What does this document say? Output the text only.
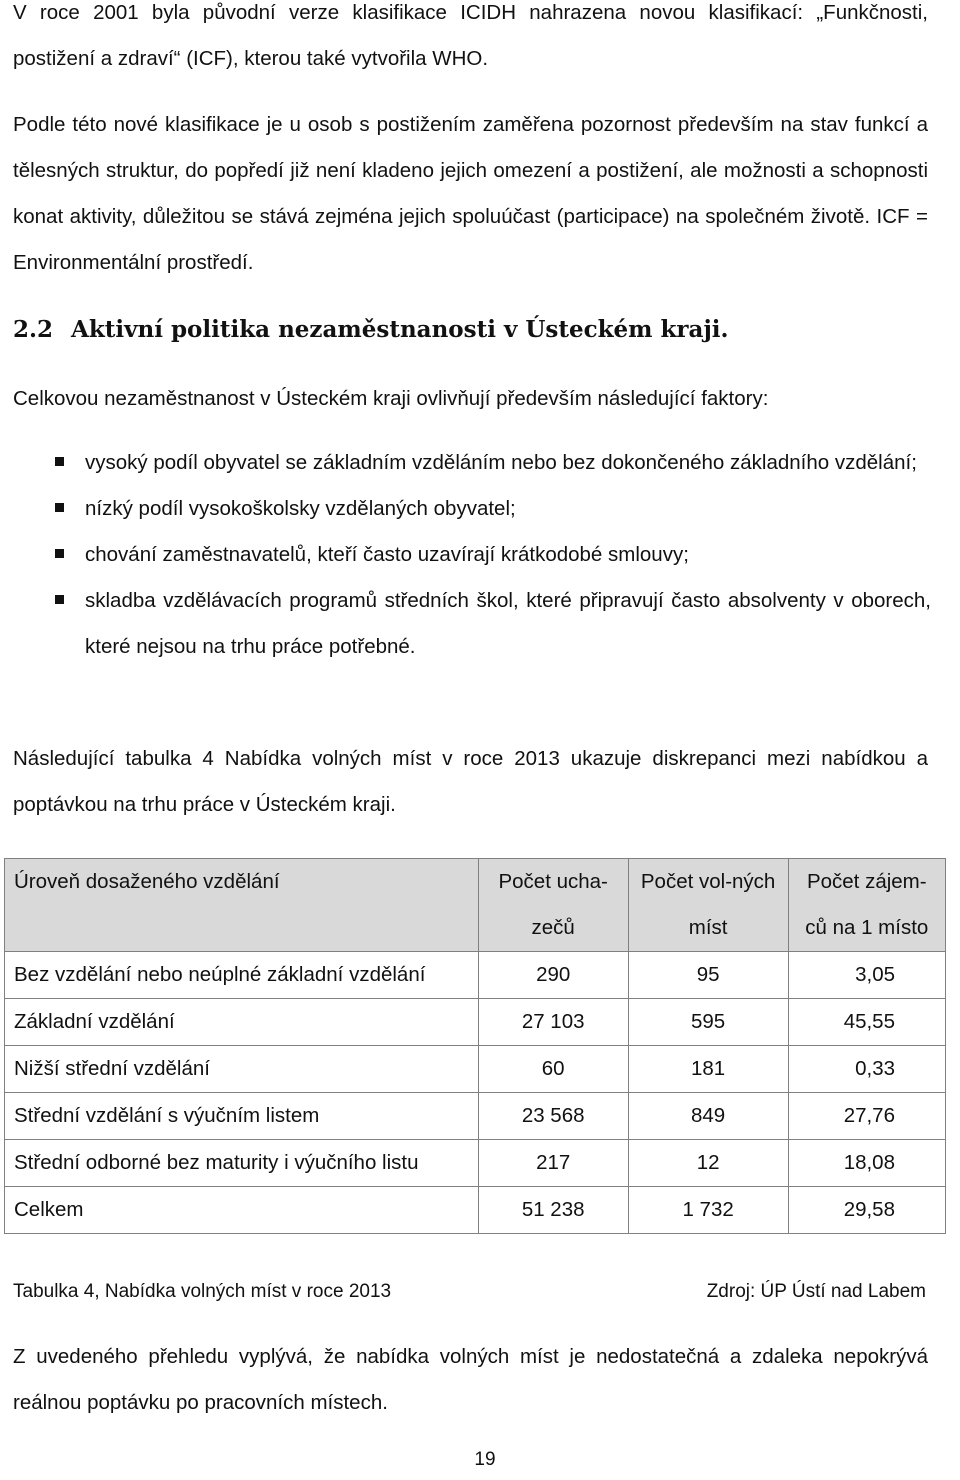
V roce 2001 byla původní verze klasifikace ICIDH nahrazena novou klasifikací: „Funkčnosti, postižení a zdraví“ (ICF), kterou také vytvořila WHO.

Podle této nové klasifikace je u osob s postižením zaměřena pozornost především na stav funkcí a tělesných struktur, do popředí již není kladeno jejich omezení a postižení, ale možnosti a schopnosti konat aktivity, důležitou se stává zejména jejich spoluúčast (participace) na společném životě. ICF = Environmentální prostředí.

2.2 Aktivní politika nezaměstnanosti v Ústeckém kraji.

Celkovou nezaměstnanost v Ústeckém kraji ovlivňují především následující faktory:

vysoký podíl obyvatel se základním vzděláním nebo bez dokončeného základního vzdělání;
nízký podíl vysokoškolsky vzdělaných obyvatel;
chování zaměstnavatelů, kteří často uzavírají krátkodobé smlouvy;
skladba vzdělávacích programů středních škol, které připravují často absolventy v oborech, které nejsou na trhu práce potřebné.

Následující tabulka 4 Nabídka volných míst v roce 2013 ukazuje diskrepanci mezi nabídkou a poptávkou na trhu práce v Ústeckém kraji.

Úroveň dosaženého vzdělání	Počet ucha-zečů	Počet vol-ných míst	Počet zájem-ců na 1 místo
Bez vzdělání nebo neúplné základní vzdělání	290	95	3,05
Základní vzdělání	27 103	595	45,55
Nižší střední vzdělání	60	181	0,33
Střední vzdělání s výučním listem	23 568	849	27,76
Střední odborné bez maturity i výučního listu	217	12	18,08
Celkem	51 238	1 732	29,58
Tabulka 4, Nabídka volných míst v roce 2013	Zdroj: ÚP Ústí nad Labem

Z uvedeného přehledu vyplývá, že nabídka volných míst je nedostatečná a zdaleka nepokrývá reálnou poptávku po pracovních místech.

19
